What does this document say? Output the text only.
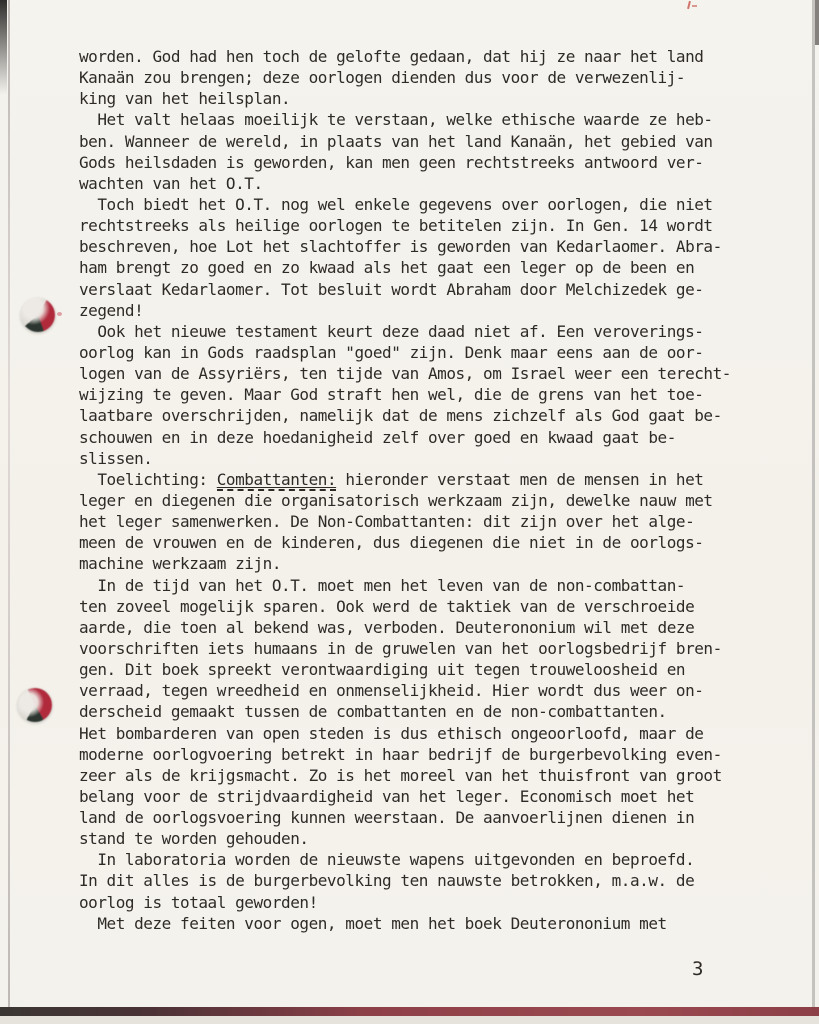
worden. God had hen toch de gelofte gedaan, dat hij ze naar het land
Kanaän zou brengen; deze oorlogen dienden dus voor de verwezenlij-
king van het heilsplan.
Het valt helaas moeilijk te verstaan, welke ethische waarde ze heb-
ben. Wanneer de wereld, in plaats van het land Kanaän, het gebied van
Gods heilsdaden is geworden, kan men geen rechtstreeks antwoord ver-
wachten van het O.T.
Toch biedt het O.T. nog wel enkele gegevens over oorlogen, die niet
rechtstreeks als heilige oorlogen te betitelen zijn. In Gen. 14 wordt
beschreven, hoe Lot het slachtoffer is geworden van Kedarlaomer. Abra-
ham brengt zo goed en zo kwaad als het gaat een leger op de been en
verslaat Kedarlaomer. Tot besluit wordt Abraham door Melchizedek ge-
zegend!
Ook het nieuwe testament keurt deze daad niet af. Een veroverings-
oorlog kan in Gods raadsplan "goed" zijn. Denk maar eens aan de oor-
logen van de Assyriërs, ten tijde van Amos, om Israel weer een terecht-
wijzing te geven. Maar God straft hen wel, die de grens van het toe-
laatbare overschrijden, namelijk dat de mens zichzelf als God gaat be-
schouwen en in deze hoedanigheid zelf over goed en kwaad gaat be-
slissen.
Toelichting: Combattanten: hieronder verstaat men de mensen in het
leger en diegenen die organisatorisch werkzaam zijn, dewelke nauw met
het leger samenwerken. De Non-Combattanten: dit zijn over het alge-
meen de vrouwen en de kinderen, dus diegenen die niet in de oorlogs-
machine werkzaam zijn.
In de tijd van het O.T. moet men het leven van de non-combattan-
ten zoveel mogelijk sparen. Ook werd de taktiek van de verschroeide
aarde, die toen al bekend was, verboden. Deuterononium wil met deze
voorschriften iets humaans in de gruwelen van het oorlogsbedrijf bren-
gen. Dit boek spreekt verontwaardiging uit tegen trouweloosheid en
verraad, tegen wreedheid en onmenselijkheid. Hier wordt dus weer on-
derscheid gemaakt tussen de combattanten en de non-combattanten.
Het bombarderen van open steden is dus ethisch ongeoorloofd, maar de
moderne oorlogvoering betrekt in haar bedrijf de burgerbevolking even-
zeer als de krijgsmacht. Zo is het moreel van het thuisfront van groot
belang voor de strijdvaardigheid van het leger. Economisch moet het
land de oorlogsvoering kunnen weerstaan. De aanvoerlijnen dienen in
stand te worden gehouden.
In laboratoria worden de nieuwste wapens uitgevonden en beproefd.
In dit alles is de burgerbevolking ten nauwste betrokken, m.a.w. de
oorlog is totaal geworden!
Met deze feiten voor ogen, moet men het boek Deuterononium met
3
